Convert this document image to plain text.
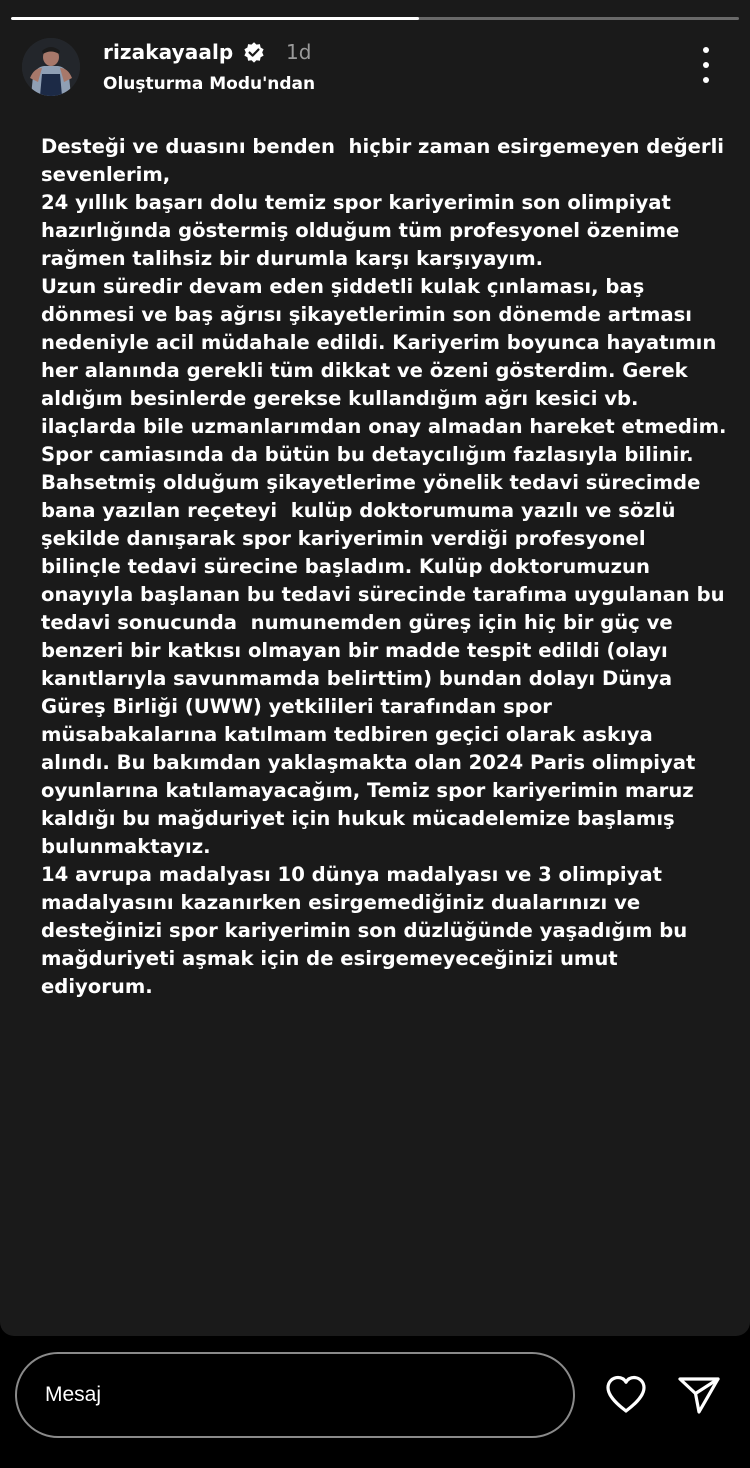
rizakayaalp	1d
Oluşturma Modu'ndan

Desteği ve duasını benden  hiçbir zaman esirgemeyen değerli
sevenlerim,
24 yıllık başarı dolu temiz spor kariyerimin son olimpiyat
hazırlığında göstermiş olduğum tüm profesyonel özenime
rağmen talihsiz bir durumla karşı karşıyayım.
Uzun süredir devam eden şiddetli kulak çınlaması, baş
dönmesi ve baş ağrısı şikayetlerimin son dönemde artması
nedeniyle acil müdahale edildi. Kariyerim boyunca hayatımın
her alanında gerekli tüm dikkat ve özeni gösterdim. Gerek
aldığım besinlerde gerekse kullandığım ağrı kesici vb.
ilaçlarda bile uzmanlarımdan onay almadan hareket etmedim.
Spor camiasında da bütün bu detaycılığım fazlasıyla bilinir.
Bahsetmiş olduğum şikayetlerime yönelik tedavi sürecimde
bana yazılan reçeteyi  kulüp doktorumuma yazılı ve sözlü
şekilde danışarak spor kariyerimin verdiği profesyonel
bilinçle tedavi sürecine başladım. Kulüp doktorumuzun
onayıyla başlanan bu tedavi sürecinde tarafıma uygulanan bu
tedavi sonucunda  numunemden güreş için hiç bir güç ve
benzeri bir katkısı olmayan bir madde tespit edildi (olayı
kanıtlarıyla savunmamda belirttim) bundan dolayı Dünya
Güreş Birliği (UWW) yetkilileri tarafından spor
müsabakalarına katılmam tedbiren geçici olarak askıya
alındı. Bu bakımdan yaklaşmakta olan 2024 Paris olimpiyat
oyunlarına katılamayacağım, Temiz spor kariyerimin maruz
kaldığı bu mağduriyet için hukuk mücadelemize başlamış
bulunmaktayız.
14 avrupa madalyası 10 dünya madalyası ve 3 olimpiyat
madalyasını kazanırken esirgemediğiniz dualarınızı ve
desteğinizi spor kariyerimin son düzlüğünde yaşadığım bu
mağduriyeti aşmak için de esirgemeyeceğinizi umut
ediyorum.

Mesaj
